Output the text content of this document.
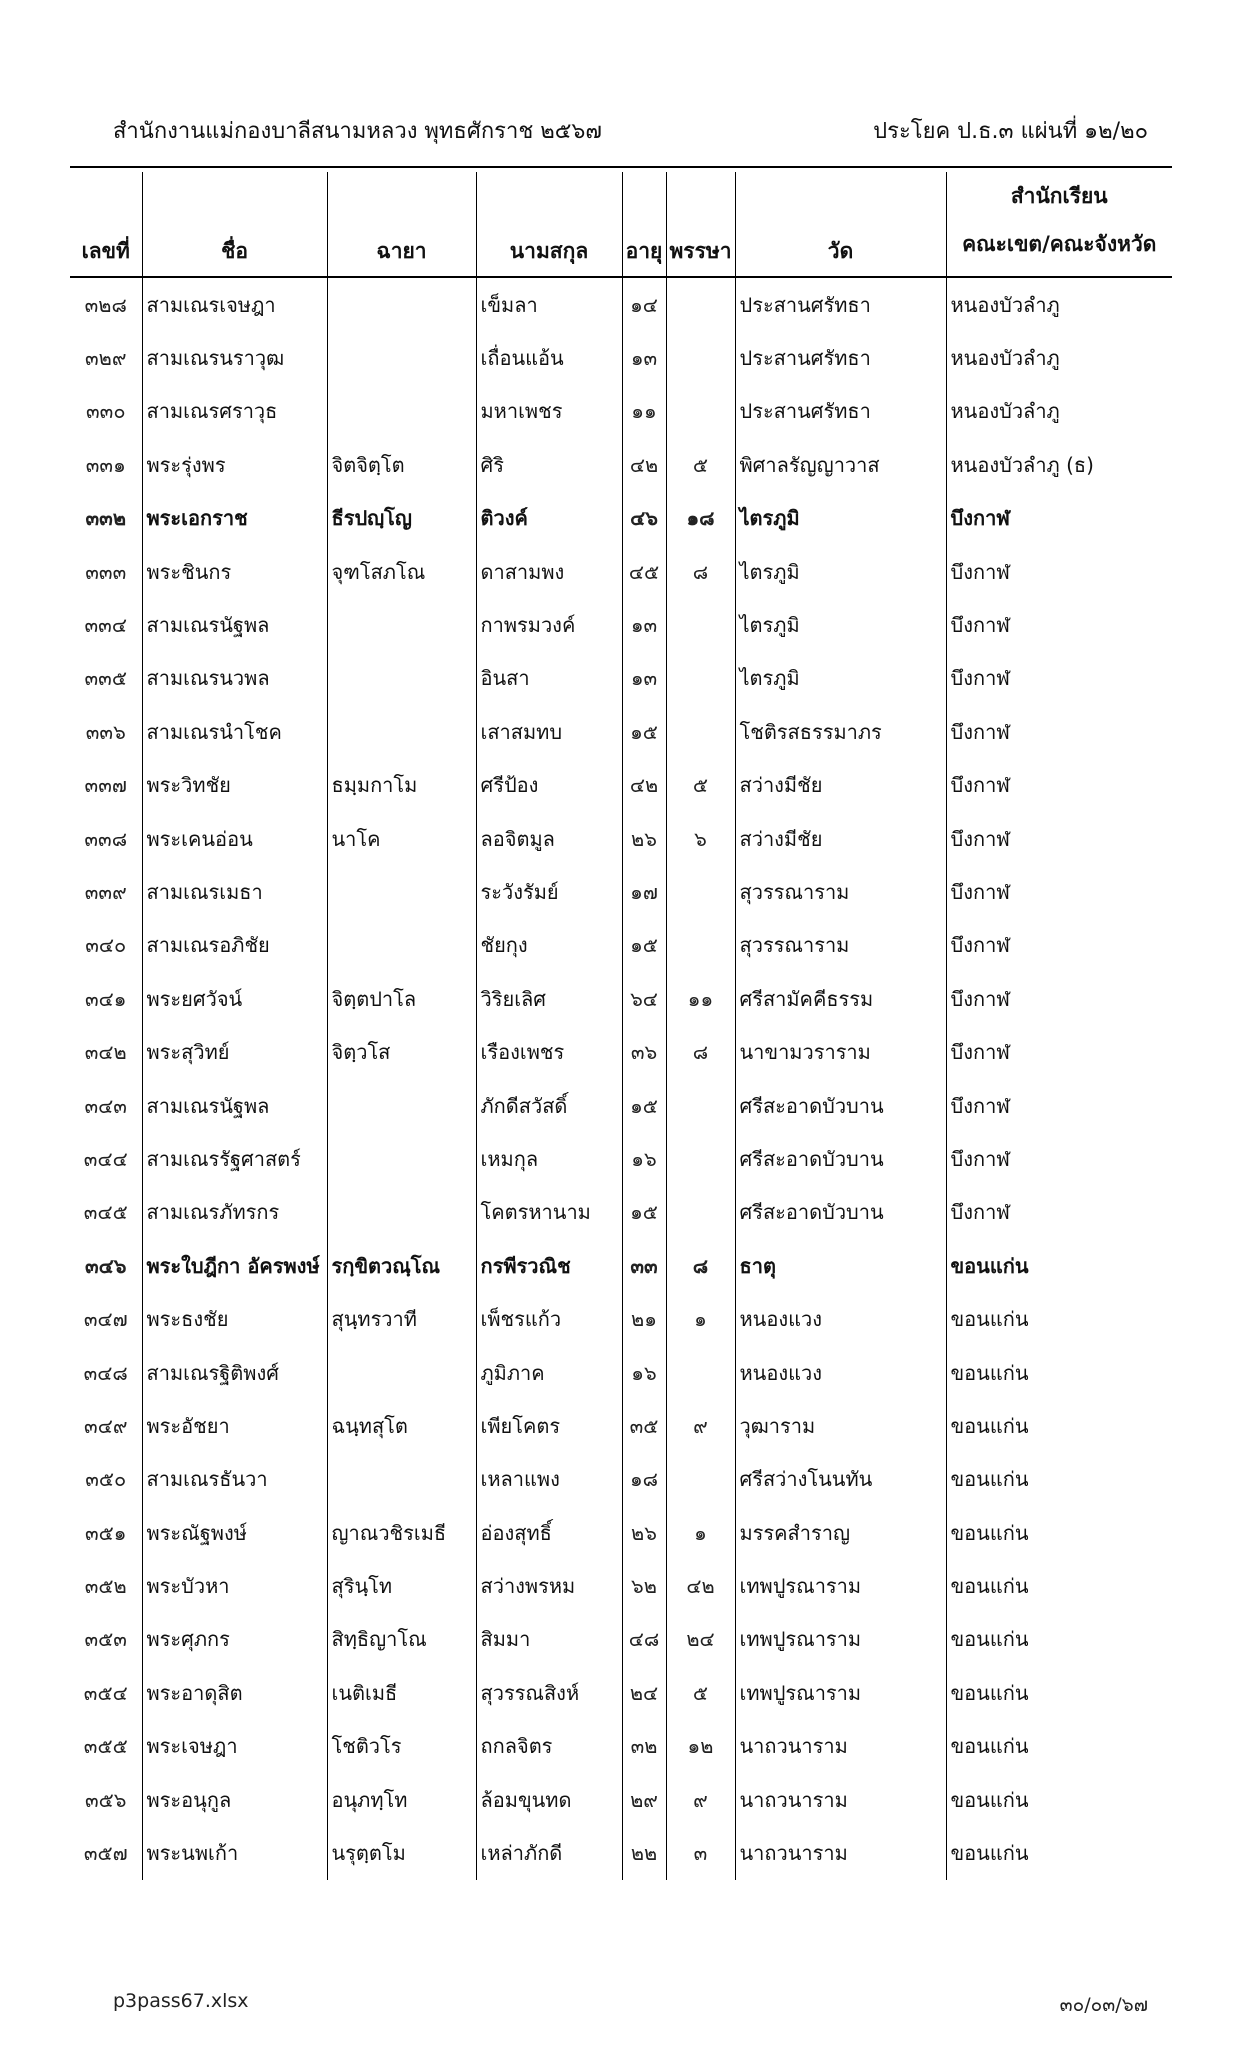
สำนักงานแม่กองบาลีสนามหลวง พุทธศักราช ๒๕๖๗	ประโยค ป.ธ.๓ แผ่นที่ ๑๒/๒๐
เลขที่	ชื่อ	ฉายา	นามสกุล	อายุ	พรรษา	วัด	สำนักเรียน
คณะเขต/คณะจังหวัด

๓๒๘	สามเณรเจษฎา		เข็มลา	๑๔		ประสานศรัทธา	หนองบัวลำภู
๓๒๙	สามเณรนราวุฒ		เถื่อนแอ้น	๑๓		ประสานศรัทธา	หนองบัวลำภู
๓๓๐	สามเณรศราวุธ		มหาเพชร	๑๑		ประสานศรัทธา	หนองบัวลำภู
๓๓๑	พระรุ่งพร	จิตจิตฺโต	ศิริ	๔๒	๕	พิศาลรัญญาวาส	หนองบัวลำภู (ธ)
๓๓๒	พระเอกราช	ธีรปญฺโญ	ติวงค์	๔๖	๑๘	ไตรภูมิ	บึงกาฬ
๓๓๓	พระชินกร	จุฑโสภโณ	ดาสามพง	๔๕	๘	ไตรภูมิ	บึงกาฬ
๓๓๔	สามเณรนัฐพล		กาพรมวงค์	๑๓		ไตรภูมิ	บึงกาฬ
๓๓๕	สามเณรนวพล		อินสา	๑๓		ไตรภูมิ	บึงกาฬ
๓๓๖	สามเณรนำโชค		เสาสมทบ	๑๕		โชติรสธรรมาภร	บึงกาฬ
๓๓๗	พระวิทชัย	ธมฺมกาโม	ศรีป้อง	๔๒	๕	สว่างมีชัย	บึงกาฬ
๓๓๘	พระเคนอ่อน	นาโค	ลอจิตมูล	๒๖	๖	สว่างมีชัย	บึงกาฬ
๓๓๙	สามเณรเมธา		ระวังรัมย์	๑๗		สุวรรณาราม	บึงกาฬ
๓๔๐	สามเณรอภิชัย		ชัยกุง	๑๕		สุวรรณาราม	บึงกาฬ
๓๔๑	พระยศวัจน์	จิตฺตปาโล	วิริยเลิศ	๖๔	๑๑	ศรีสามัคคีธรรม	บึงกาฬ
๓๔๒	พระสุวิทย์	จิตฺวโส	เรืองเพชร	๓๖	๘	นาขามวราราม	บึงกาฬ
๓๔๓	สามเณรนัฐพล		ภักดีสวัสดิ์	๑๕		ศรีสะอาดบัวบาน	บึงกาฬ
๓๔๔	สามเณรรัฐศาสตร์		เหมกุล	๑๖		ศรีสะอาดบัวบาน	บึงกาฬ
๓๔๕	สามเณรภัทรกร		โคตรหานาม	๑๕		ศรีสะอาดบัวบาน	บึงกาฬ
๓๔๖	พระใบฎีกา อัครพงษ์	รกฺขิตวณฺโณ	กรพีรวณิช	๓๓	๘	ธาตุ	ขอนแก่น
๓๔๗	พระธงชัย	สุนฺทรวาที	เพ็ชรแก้ว	๒๑	๑	หนองแวง	ขอนแก่น
๓๔๘	สามเณรฐิติพงศ์		ภูมิภาค	๑๖		หนองแวง	ขอนแก่น
๓๔๙	พระอัชยา	ฉนฺทสุโต	เพียโคตร	๓๕	๙	วุฒาราม	ขอนแก่น
๓๕๐	สามเณรธันวา		เหลาแพง	๑๘		ศรีสว่างโนนทัน	ขอนแก่น
๓๕๑	พระณัฐพงษ์	ญาณวชิรเมธี	อ่องสุทธิ์	๒๖	๑	มรรคสำราญ	ขอนแก่น
๓๕๒	พระบัวหา	สุรินฺโท	สว่างพรหม	๖๒	๔๒	เทพปูรณาราม	ขอนแก่น
๓๕๓	พระศุภกร	สิทฺธิญาโณ	สิมมา	๔๘	๒๔	เทพปูรณาราม	ขอนแก่น
๓๕๔	พระอาดุสิต	เนติเมธี	สุวรรณสิงห์	๒๔	๕	เทพปูรณาราม	ขอนแก่น
๓๕๕	พระเจษฎา	โชติวโร	ถกลจิตร	๓๒	๑๒	นาถวนาราม	ขอนแก่น
๓๕๖	พระอนุกูล	อนุภทฺโท	ล้อมขุนทด	๒๙	๙	นาถวนาราม	ขอนแก่น
๓๕๗	พระนพเก้า	นรุตฺตโม	เหล่าภักดี	๒๒	๓	นาถวนาราม	ขอนแก่น
p3pass67.xlsx	๓๐/๐๓/๖๗
